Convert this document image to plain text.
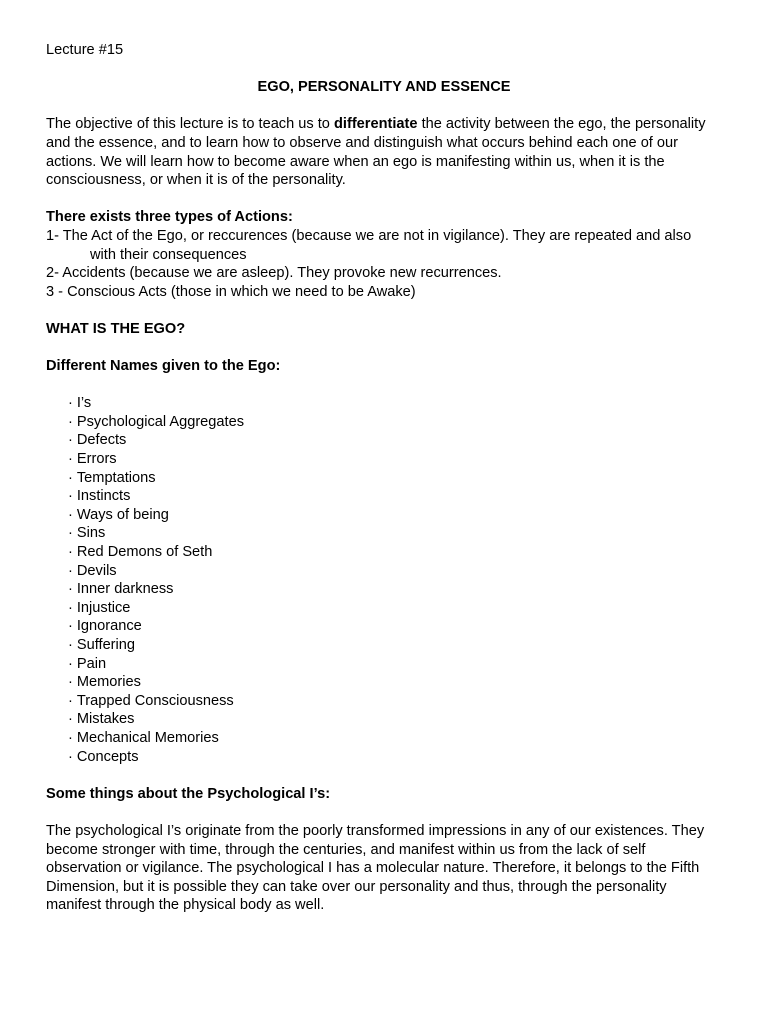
Lecture #15

EGO, PERSONALITY AND ESSENCE

The objective of this lecture is to teach us to differentiate the activity between the ego, the personality and the essence, and to learn how to observe and distinguish what occurs behind each one of our actions. We will learn how to become aware when an ego is manifesting within us, when it is the consciousness, or when it is of the personality.

There exists three types of Actions:

1- The Act of the Ego, or reccurences (because we are not in vigilance). They are repeated and also
with their consequences
2- Accidents (because we are asleep). They provoke new recurrences.
3 - Conscious Acts (those in which we need to be Awake)

WHAT IS THE EGO?

Different Names given to the Ego:

· I’s
· Psychological Aggregates
· Defects
· Errors
· Temptations
· Instincts
· Ways of being
· Sins
· Red Demons of Seth
· Devils
· Inner darkness
· Injustice
· Ignorance
· Suffering
· Pain
· Memories
· Trapped Consciousness
· Mistakes
· Mechanical Memories
· Concepts

Some things about the Psychological I’s:

The psychological I’s originate from the poorly transformed impressions in any of our existences. They become stronger with time, through the centuries, and manifest within us from the lack of self observation or vigilance. The psychological I has a molecular nature. Therefore, it belongs to the Fifth Dimension, but it is possible they can take over our personality and thus, through the personality manifest through the physical body as well.
